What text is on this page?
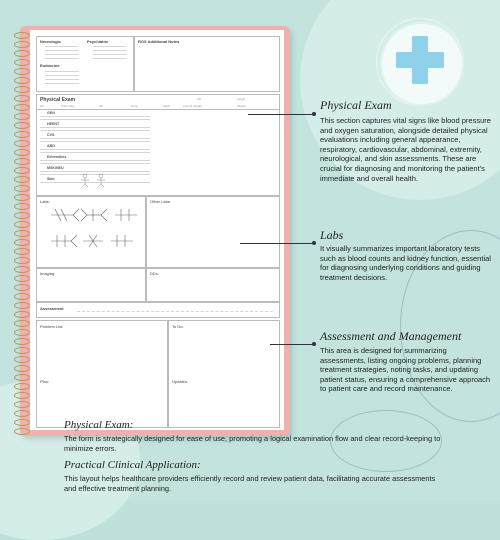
Neurologic	Psychiatric
Endocrine
ROS Additional Notes
Physical Exam	HR	Height
HR	Pulse Rate	RR	Temp	SpO2	Current Weight	Weight
GEN
HEENT
CVS
ABD
Extremities
MSK/NEU
Skin
Labs:	Other Labs:
Imaging:	DDx:
Assessment
Problem List:
Plan:
To Do:
Updates:
Physical Exam
This section captures vital signs like blood pressure and oxygen saturation, alongside detailed physical evaluations including general appearance, respiratory, cardiovascular, abdominal, extremity, neurological, and skin assessments. These are crucial for diagnosing and monitoring the patient's immediate and overall health.
Labs
It visually summarizes important laboratory tests such as blood counts and kidney function, essential for diagnosing underlying conditions and guiding treatment decisions.
Assessment and Management
This area is designed for summarizing assessments, listing ongoing problems, planning treatment strategies, noting tasks, and updating patient status, ensuring a comprehensive approach to patient care and record maintenance.
Physical Exam:
The form is strategically designed for ease of use, promoting a logical examination flow and clear record-keeping to minimize errors.
Practical Clinical Application:
This layout helps healthcare providers efficiently record and review patient data, facilitating accurate assessments and effective treatment planning.
